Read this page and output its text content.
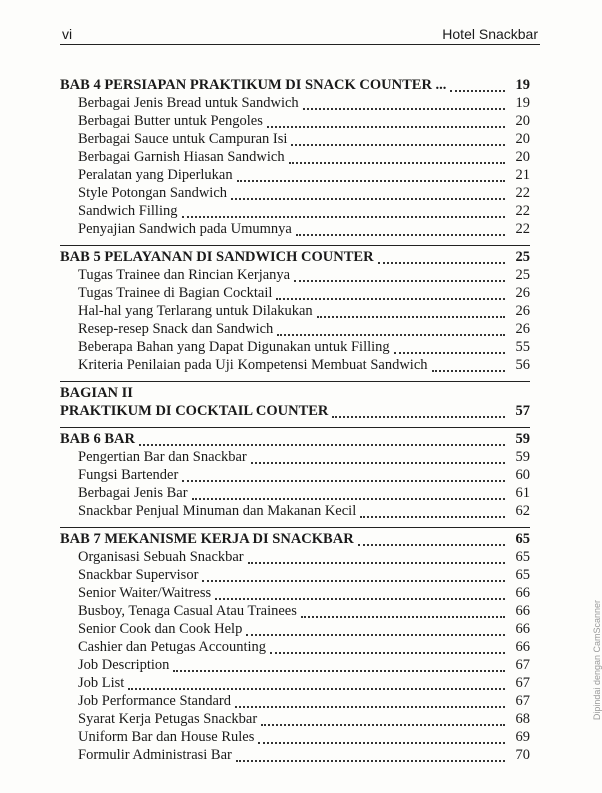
vi	Hotel Snackbar
BAB 4 PERSIAPAN PRAKTIKUM DI SNACK COUNTER ...	19
Berbagai Jenis Bread untuk Sandwich	19
Berbagai Butter untuk Pengoles	20
Berbagai Sauce untuk Campuran Isi	20
Berbagai Garnish Hiasan Sandwich	20
Peralatan yang Diperlukan	21
Style Potongan Sandwich	22
Sandwich Filling	22
Penyajian Sandwich pada Umumnya	22
BAB 5 PELAYANAN DI SANDWICH COUNTER	25
Tugas Trainee dan Rincian Kerjanya	25
Tugas Trainee di Bagian Cocktail	26
Hal-hal yang Terlarang untuk Dilakukan	26
Resep-resep Snack dan Sandwich	26
Beberapa Bahan yang Dapat Digunakan untuk Filling	55
Kriteria Penilaian pada Uji Kompetensi Membuat Sandwich	56
BAGIAN II
PRAKTIKUM DI COCKTAIL COUNTER	57
BAB 6 BAR	59
Pengertian Bar dan Snackbar	59
Fungsi Bartender	60
Berbagai Jenis Bar	61
Snackbar Penjual Minuman dan Makanan Kecil	62
BAB 7 MEKANISME KERJA DI SNACKBAR	65
Organisasi Sebuah Snackbar	65
Snackbar Supervisor	65
Senior Waiter/Waitress	66
Busboy, Tenaga Casual Atau Trainees	66
Senior Cook dan Cook Help	66
Cashier dan Petugas Accounting	66
Job Description	67
Job List	67
Job Performance Standard	67
Syarat Kerja Petugas Snackbar	68
Uniform Bar dan House Rules	69
Formulir Administrasi Bar	70
Dipindai dengan CamScanner
